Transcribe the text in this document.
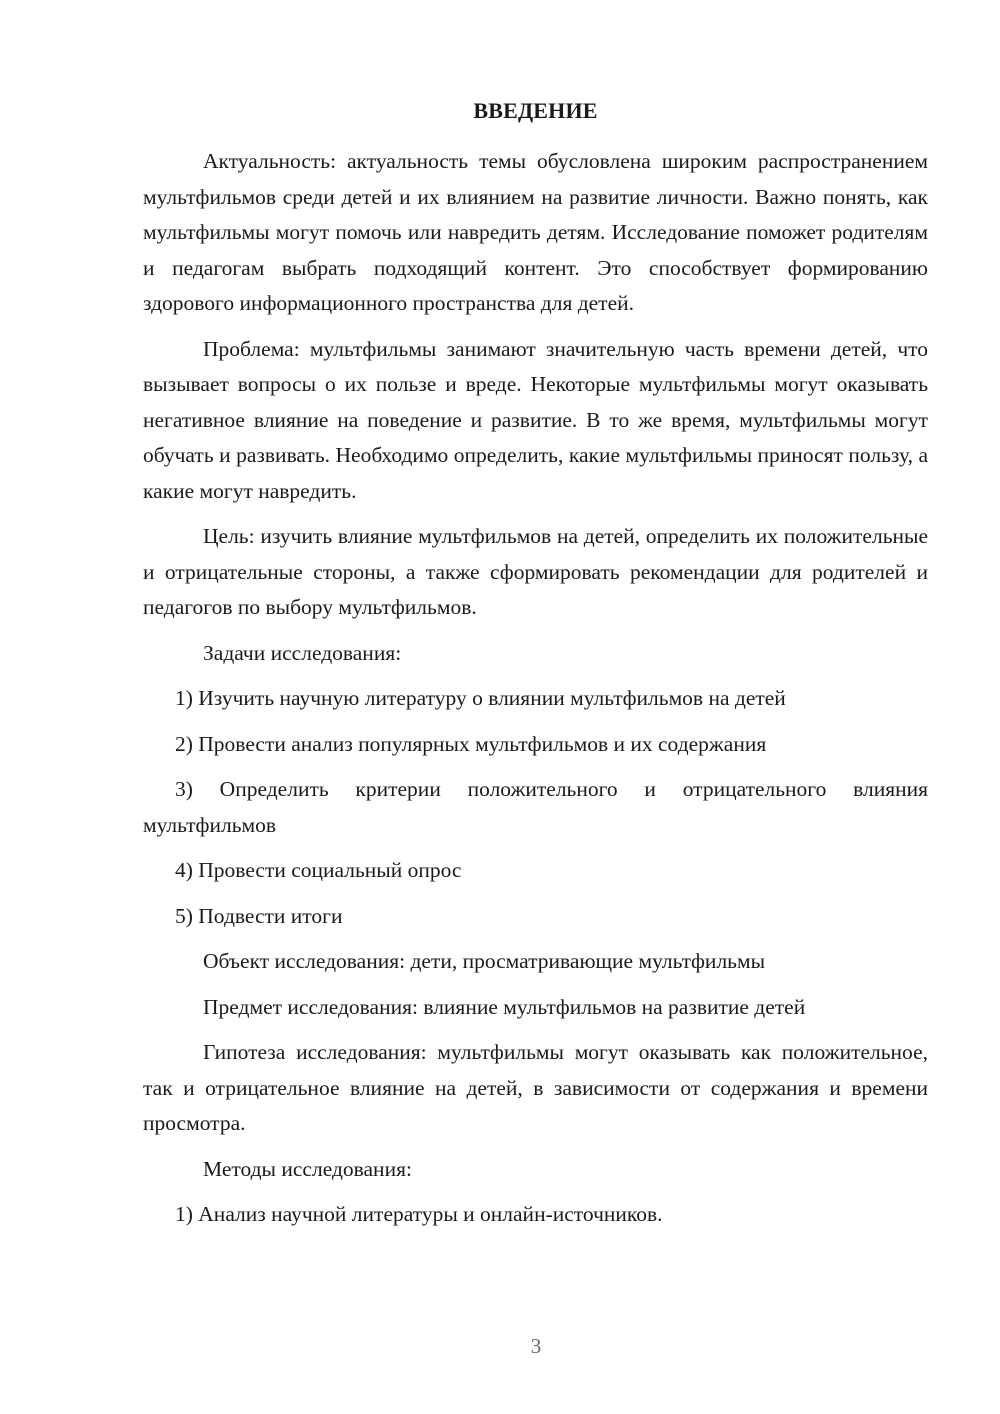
ВВЕДЕНИЕ

Актуальность: актуальность темы обусловлена широким распространением мультфильмов среди детей и их влиянием на развитие личности. Важно понять, как мультфильмы могут помочь или навредить детям. Исследование поможет родителям и педагогам выбрать подходящий контент. Это способствует формированию здорового информационного пространства для детей.

Проблема: мультфильмы занимают значительную часть времени детей, что вызывает вопросы о их пользе и вреде. Некоторые мультфильмы могут оказывать негативное влияние на поведение и развитие. В то же время, мультфильмы могут обучать и развивать. Необходимо определить, какие мультфильмы приносят пользу, а какие могут навредить.

Цель: изучить влияние мультфильмов на детей, определить их положительные и отрицательные стороны, а также сформировать рекомендации для родителей и педагогов по выбору мультфильмов.

Задачи исследования:

1) Изучить научную литературу о влиянии мультфильмов на детей

2) Провести анализ популярных мультфильмов и их содержания

3) Определить критерии положительного и отрицательного влияния мультфильмов

4) Провести социальный опрос

5) Подвести итоги

Объект исследования: дети, просматривающие мультфильмы

Предмет исследования: влияние мультфильмов на развитие детей

Гипотеза исследования: мультфильмы могут оказывать как положительное, так и отрицательное влияние на детей, в зависимости от содержания и времени просмотра.

Методы исследования:

1) Анализ научной литературы и онлайн-источников.

3
